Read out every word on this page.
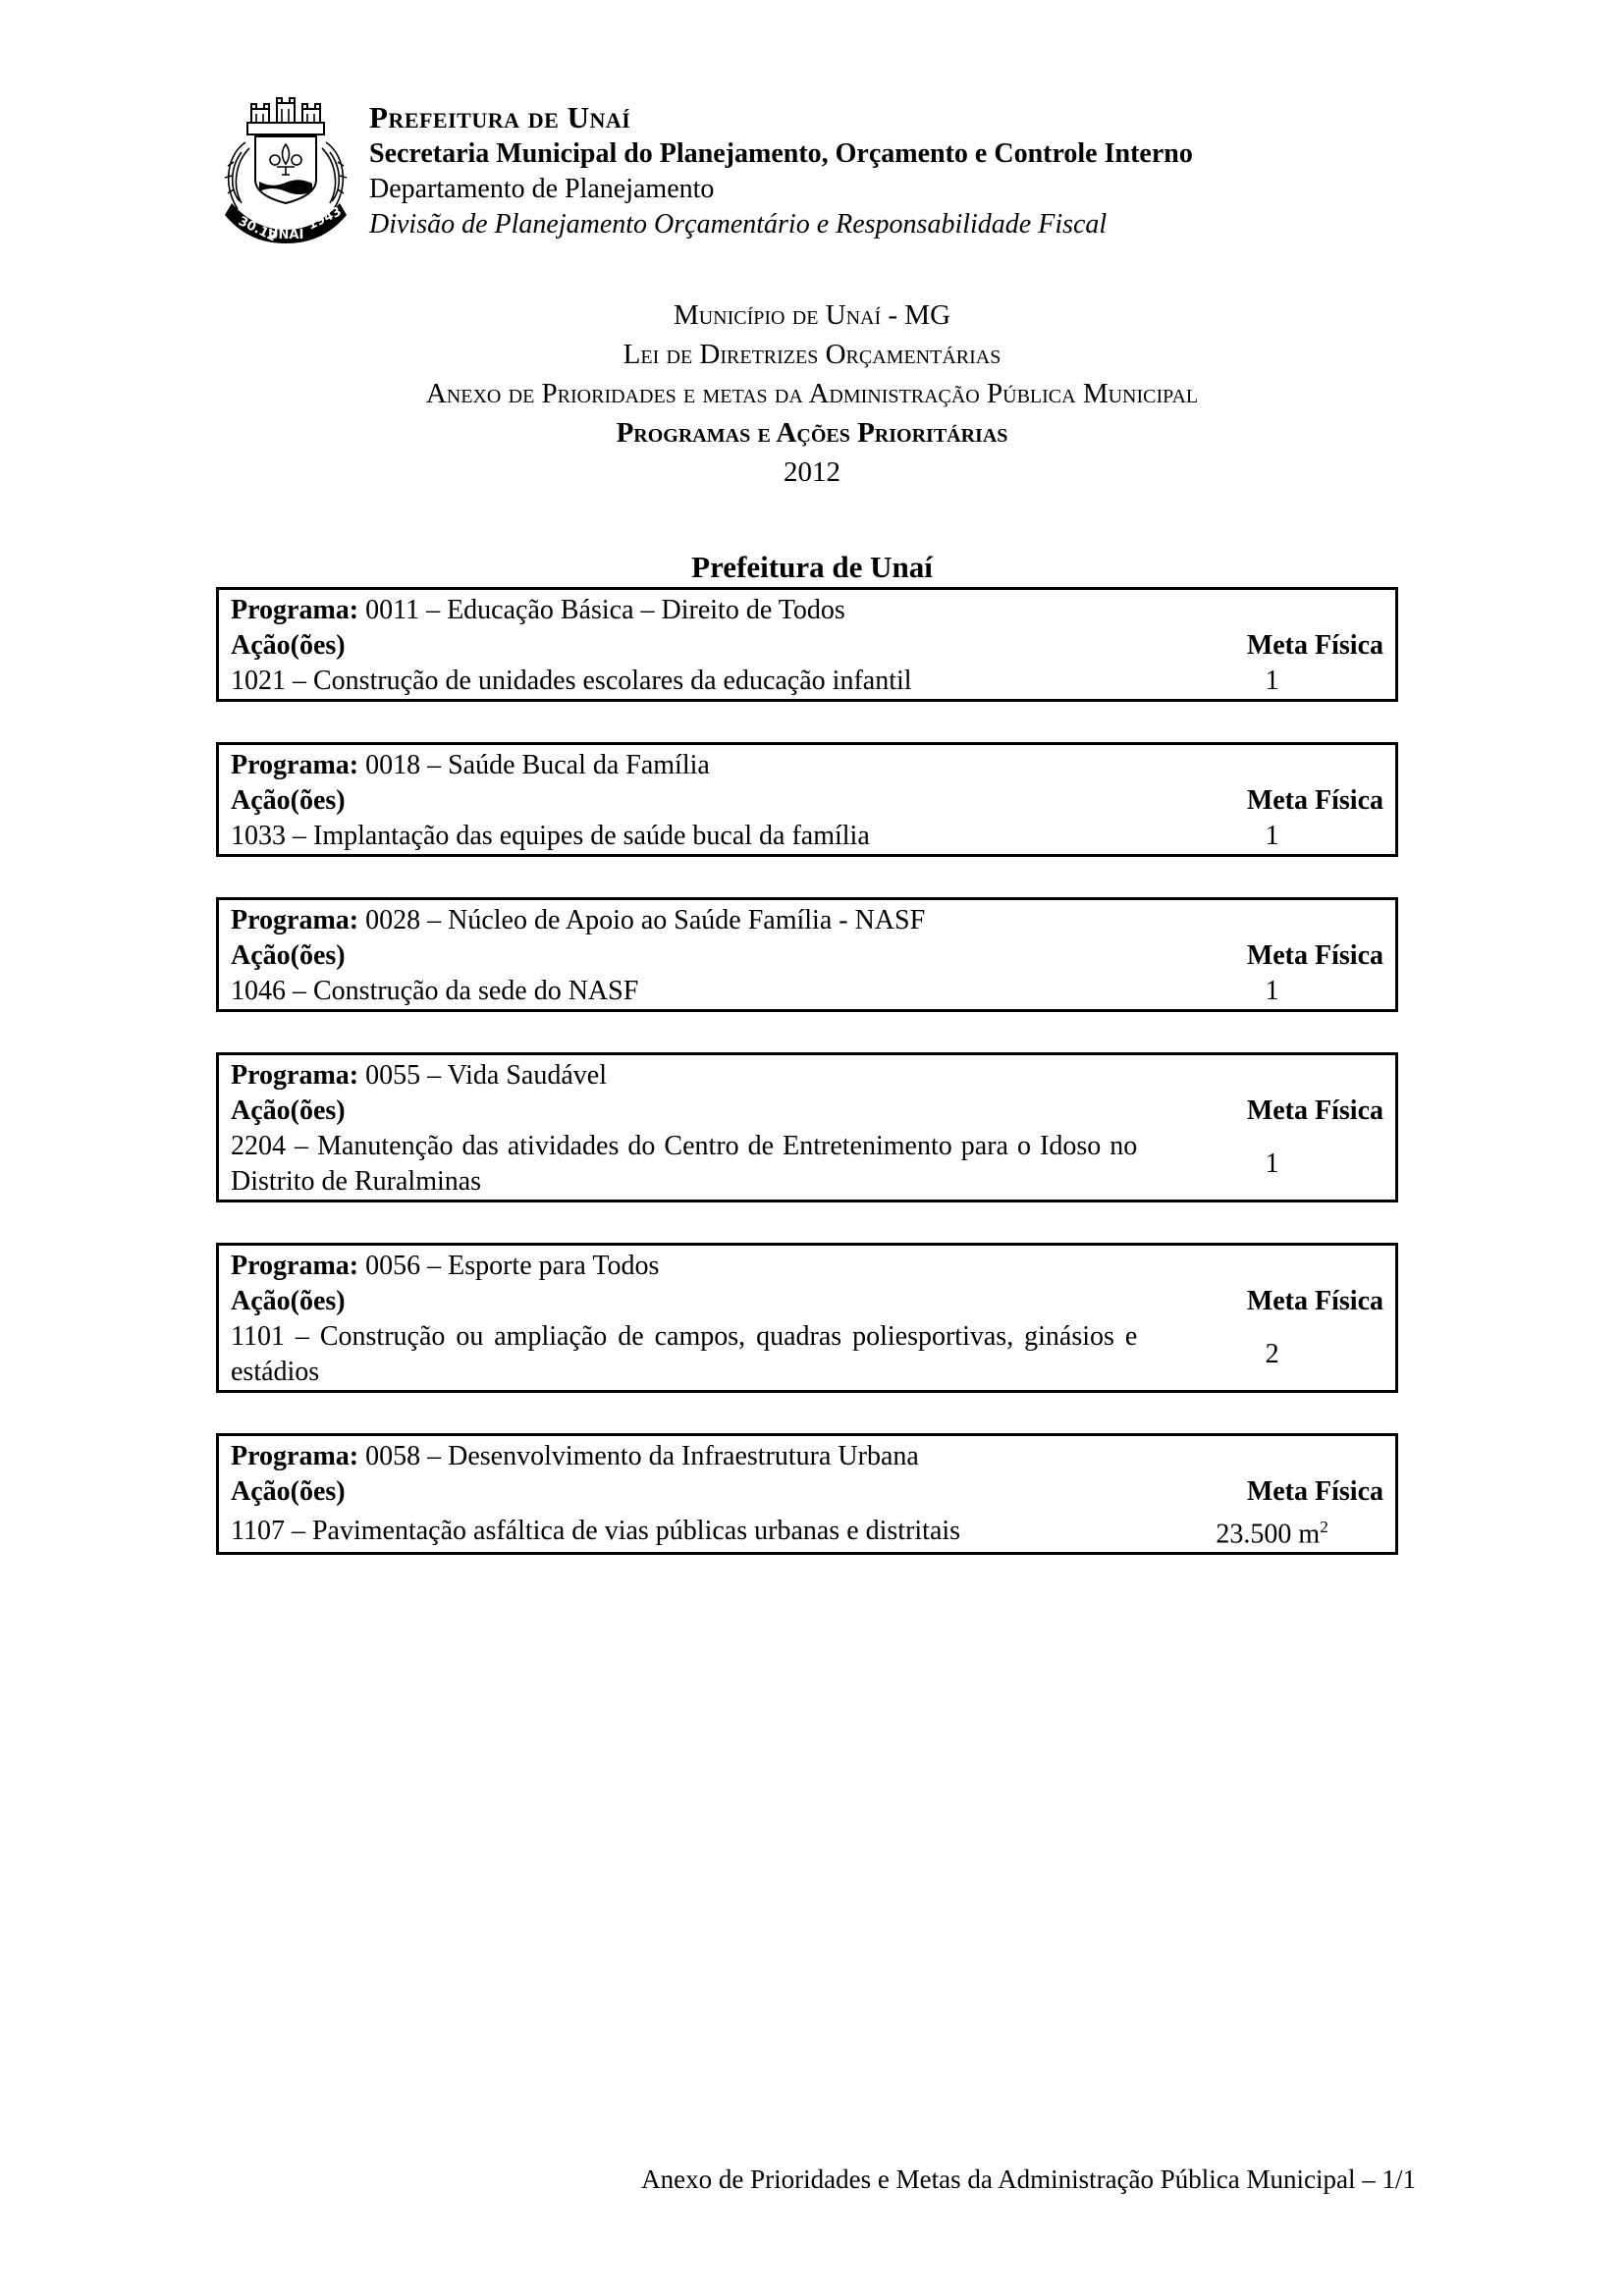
30.12
UNAÍ
1943
Prefeitura de Unaí
Secretaria Municipal do Planejamento, Orçamento e Controle Interno
Departamento de Planejamento
Divisão de Planejamento Orçamentário e Responsabilidade Fiscal
Município de Unaí - MG
Lei de Diretrizes Orçamentárias
Anexo de Prioridades e metas da Administração Pública Municipal
Programas e Ações Prioritárias
2012
Prefeitura de Unaí
Programa: 0011 – Educação Básica – Direito de Todos	
Ação(ões)	Meta Física
1021 – Construção de unidades escolares da educação infantil	1
Programa: 0018 – Saúde Bucal da Família	
Ação(ões)	Meta Física
1033 – Implantação das equipes de saúde bucal da família	1
Programa: 0028 – Núcleo de Apoio ao Saúde Família - NASF	
Ação(ões)	Meta Física
1046 – Construção da sede do NASF	1
Programa: 0055 – Vida Saudável	
Ação(ões)	Meta Física
2204 – Manutenção das atividades do Centro de Entretenimento para o Idoso no Distrito de Ruralminas	1
Programa: 0056 – Esporte para Todos	
Ação(ões)	Meta Física
1101 – Construção ou ampliação de campos, quadras poliesportivas, ginásios e estádios	2
Programa: 0058 – Desenvolvimento da Infraestrutura Urbana	
Ação(ões)	Meta Física
1107 – Pavimentação asfáltica de vias públicas urbanas e distritais	23.500 $m^2$
Anexo de Prioridades e Metas da Administração Pública Municipal – 1/1
